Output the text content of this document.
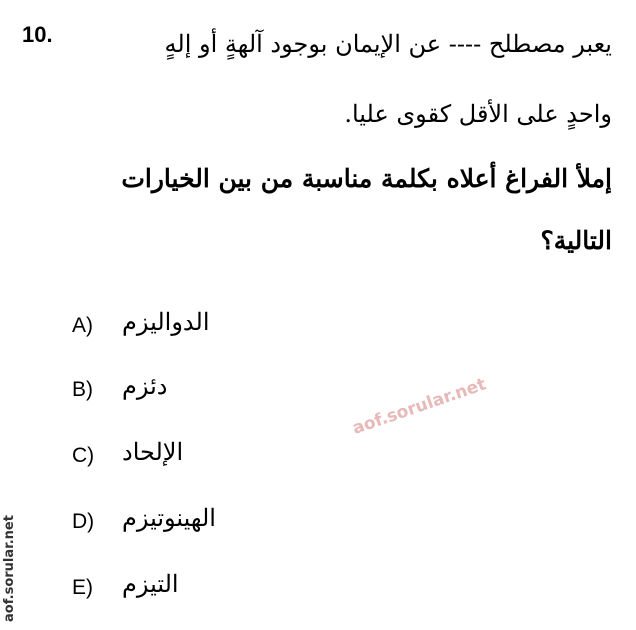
10.	يعبر مصطلح ---- عن الإيمان بوجود آلهةٍ أو إلهٍ
واحدٍ على الأقل كقوى عليا.
إملأ الفراغ أعلاه بكلمة مناسبة من بين الخيارات
التالية؟
A) الدواليزم
B) دئزم
C) الإلحاد
D) الهينوتيزم
E) التيزم
aof.sorular.net
aof.sorular.net
